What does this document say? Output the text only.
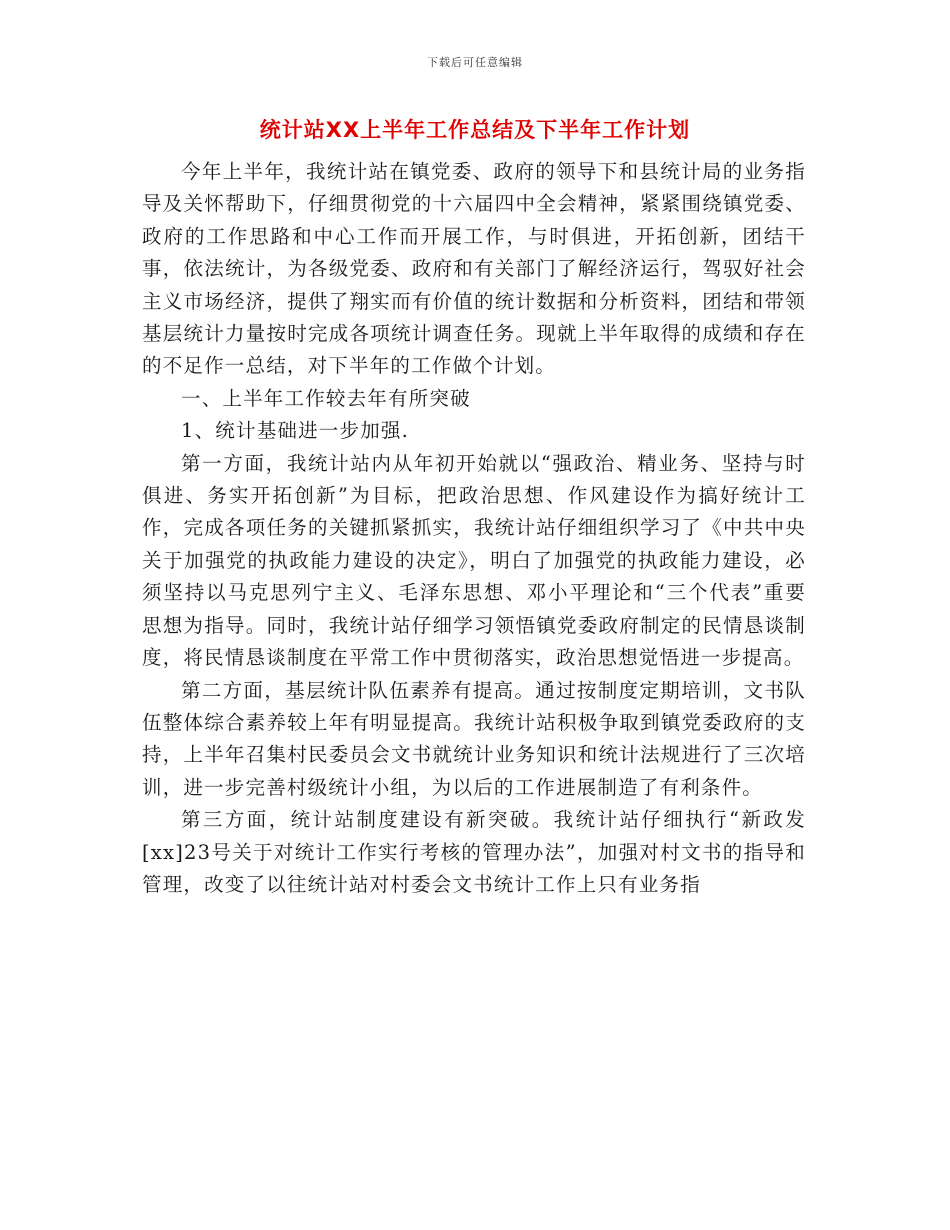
下载后可任意编辑
统计站XX上半年工作总结及下半年工作计划

今年上半年，我统计站在镇党委、政府的领导下和县统计局的业务指导及关怀帮助下，仔细贯彻党的十六届四中全会精神，紧紧围绕镇党委、政府的工作思路和中心工作而开展工作，与时俱进，开拓创新，团结干事，依法统计，为各级党委、政府和有关部门了解经济运行，驾驭好社会主义市场经济，提供了翔实而有价值的统计数据和分析资料，团结和带领基层统计力量按时完成各项统计调查任务。现就上半年取得的成绩和存在的不足作一总结，对下半年的工作做个计划。

一、上半年工作较去年有所突破

1、统计基础进一步加强.

第一方面，我统计站内从年初开始就以“强政治、精业务、坚持与时俱进、务实开拓创新”为目标，把政治思想、作风建设作为搞好统计工作，完成各项任务的关键抓紧抓实，我统计站仔细组织学习了《中共中央关于加强党的执政能力建设的决定》，明白了加强党的执政能力建设，必须坚持以马克思列宁主义、毛泽东思想、邓小平理论和“三个代表”重要思想为指导。同时，我统计站仔细学习领悟镇党委政府制定的民情恳谈制度，将民情恳谈制度在平常工作中贯彻落实，政治思想觉悟进一步提高。

第二方面，基层统计队伍素养有提高。通过按制度定期培训，文书队伍整体综合素养较上年有明显提高。我统计站积极争取到镇党委政府的支持，上半年召集村民委员会文书就统计业务知识和统计法规进行了三次培训，进一步完善村级统计小组，为以后的工作进展制造了有利条件。

第三方面，统计站制度建设有新突破。我统计站仔细执行“新政发[xx]23号关于对统计工作实行考核的管理办法”，加强对村文书的指导和管理，改变了以往统计站对村委会文书统计工作上只有业务指
